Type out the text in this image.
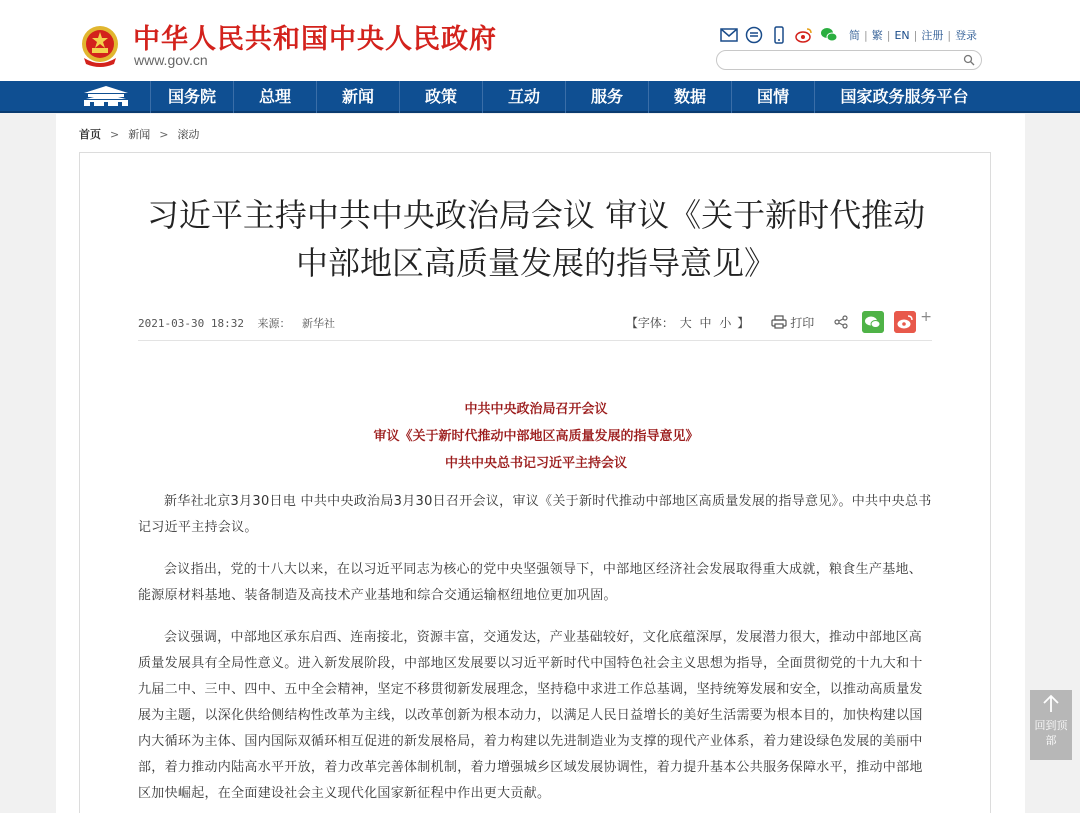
中华人民共和国中央人民政府
www.gov.cn
简 | 繁 | EN | 注册 | 登录
国务院	总理	新闻	政策	互动	服务	数据	国情	国家政务服务平台
首页 > 新闻 > 滚动
习近平主持中共中央政治局会议 审议《关于新时代推动中部地区高质量发展的指导意见》
2021-03-30 18:32 来源： 新华社	【字体： 大 中 小 】	打印	+
中共中央政治局召开会议
审议《关于新时代推动中部地区高质量发展的指导意见》
中共中央总书记习近平主持会议

新华社北京3月30日电 中共中央政治局3月30日召开会议，审议《关于新时代推动中部地区高质量发展的指导意见》。中共中央总书记习近平主持会议。

会议指出，党的十八大以来，在以习近平同志为核心的党中央坚强领导下，中部地区经济社会发展取得重大成就，粮食生产基地、能源原材料基地、装备制造及高技术产业基地和综合交通运输枢纽地位更加巩固。

会议强调，中部地区承东启西、连南接北，资源丰富，交通发达，产业基础较好，文化底蕴深厚，发展潜力很大，推动中部地区高质量发展具有全局性意义。进入新发展阶段，中部地区发展要以习近平新时代中国特色社会主义思想为指导，全面贯彻党的十九大和十九届二中、三中、四中、五中全会精神，坚定不移贯彻新发展理念，坚持稳中求进工作总基调，坚持统筹发展和安全，以推动高质量发展为主题，以深化供给侧结构性改革为主线，以改革创新为根本动力，以满足人民日益增长的美好生活需要为根本目的，加快构建以国内大循环为主体、国内国际双循环相互促进的新发展格局，着力构建以先进制造业为支撑的现代产业体系，着力建设绿色发展的美丽中部，着力推动内陆高水平开放，着力改革完善体制机制，着力增强城乡区域发展协调性，着力提升基本公共服务保障水平，推动中部地区加快崛起，在全面建设社会主义现代化国家新征程中作出更大贡献。

回到顶部
